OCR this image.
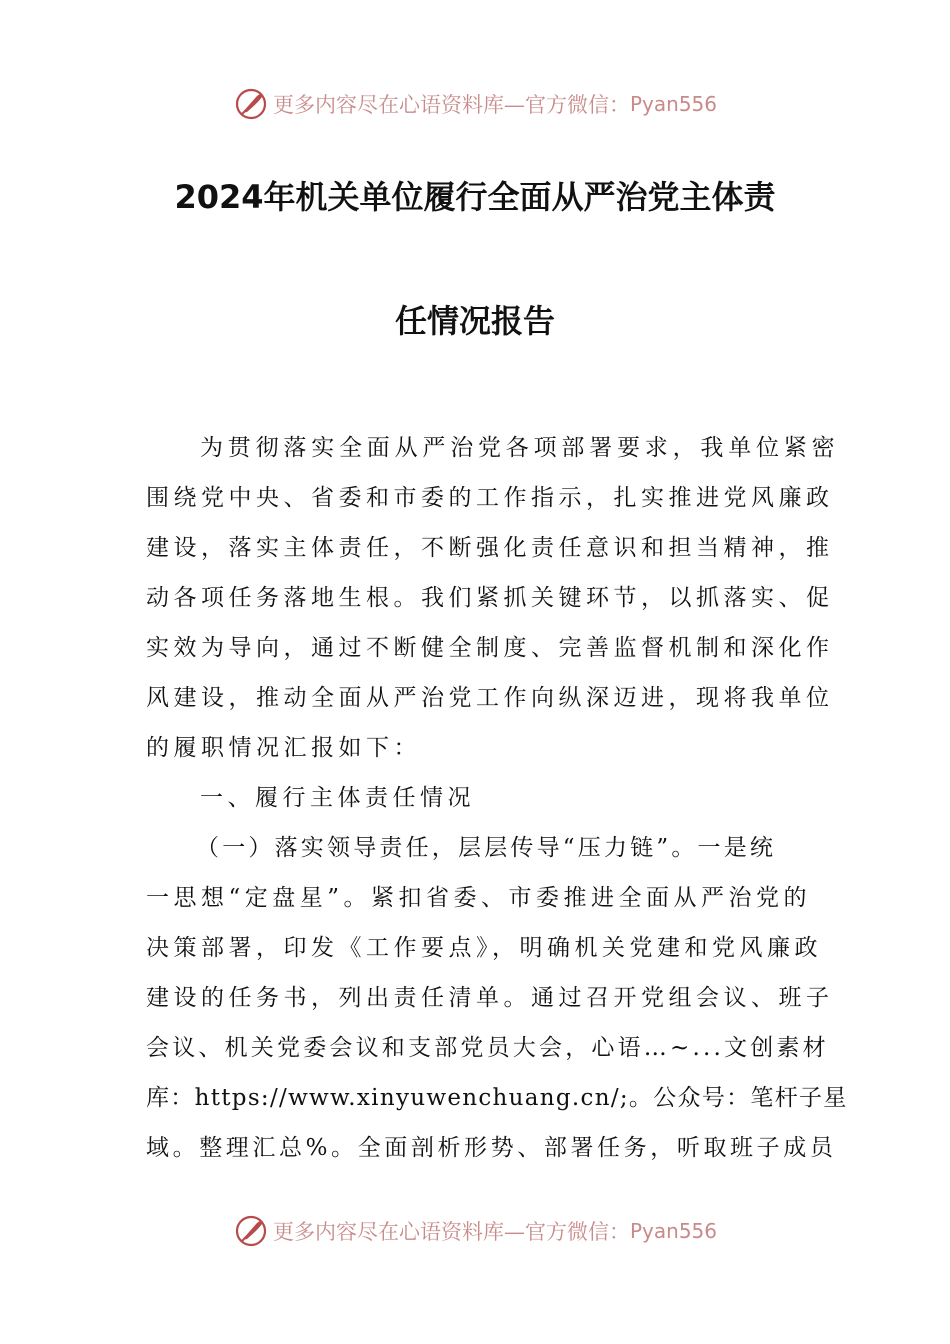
更多内容尽在心语资料库—官方微信： Pyan556
2024年机关单位履行全面从严治党主体责
任情况报告
为贯彻落实全面从严治党各项部署要求，我单位紧密
围绕党中央、省委和市委的工作指示，扎实推进党风廉政
建设，落实主体责任，不断强化责任意识和担当精神，推
动各项任务落地生根。我们紧抓关键环节，以抓落实、促
实效为导向，通过不断健全制度、完善监督机制和深化作
风建设，推动全面从严治党工作向纵深迈进，现将我单位
的履职情况汇报如下：
一、履行主体责任情况
（一）落实领导责任，层层传导“压力链”。一是统
一思想“定盘星”。紧扣省委、市委推进全面从严治党的
决策部署，印发《工作要点》，明确机关党建和党风廉政
建设的任务书，列出责任清单。通过召开党组会议、班子
会议、机关党委会议和支部党员大会，心语…~...文创素材
库：https://www.xinyuwenchuang.cn/;。公众号：笔杆子星
域。整理汇总%。全面剖析形势、部署任务，听取班子成员
更多内容尽在心语资料库—官方微信： Pyan556
